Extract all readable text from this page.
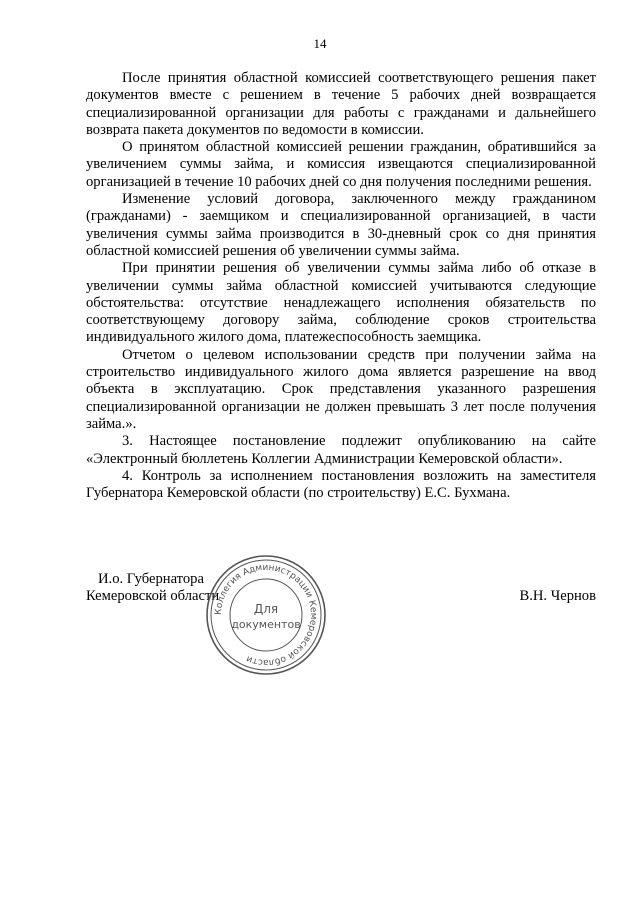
14

После принятия областной комиссией соответствующего решения пакет документов вместе с решением в течение 5 рабочих дней возвращается специализированной организации для работы с гражданами и дальнейшего возврата пакета документов по ведомости в комиссии.

О принятом областной комиссией решении гражданин, обратившийся за увеличением суммы займа, и комиссия извещаются специализированной организацией в течение 10 рабочих дней со дня получения последними решения.

Изменение условий договора, заключенного между гражданином (гражданами) - заемщиком и специализированной организацией, в части увеличения суммы займа производится в 30-дневный срок со дня принятия областной комиссией решения об увеличении суммы займа.

При принятии решения об увеличении суммы займа либо об отказе в увеличении суммы займа областной комиссией учитываются следующие обстоятельства: отсутствие ненадлежащего исполнения обязательств по соответствующему договору займа, соблюдение сроков строительства индивидуального жилого дома, платежеспособность заемщика.

Отчетом о целевом использовании средств при получении займа на строительство индивидуального жилого дома является разрешение на ввод объекта в эксплуатацию. Срок представления указанного разрешения специализированной организации не должен превышать 3 лет после получения займа.».

3. Настоящее постановление подлежит опубликованию на сайте «Электронный бюллетень Коллегии Администрации Кемеровской области».

4. Контроль за исполнением постановления возложить на заместителя Губернатора Кемеровской области (по строительству) Е.С. Бухмана.

И.о. Губернатора
Кемеровской области	В.Н. Чернов
Коллегия Администрации Кемеровской области
Для
документов
